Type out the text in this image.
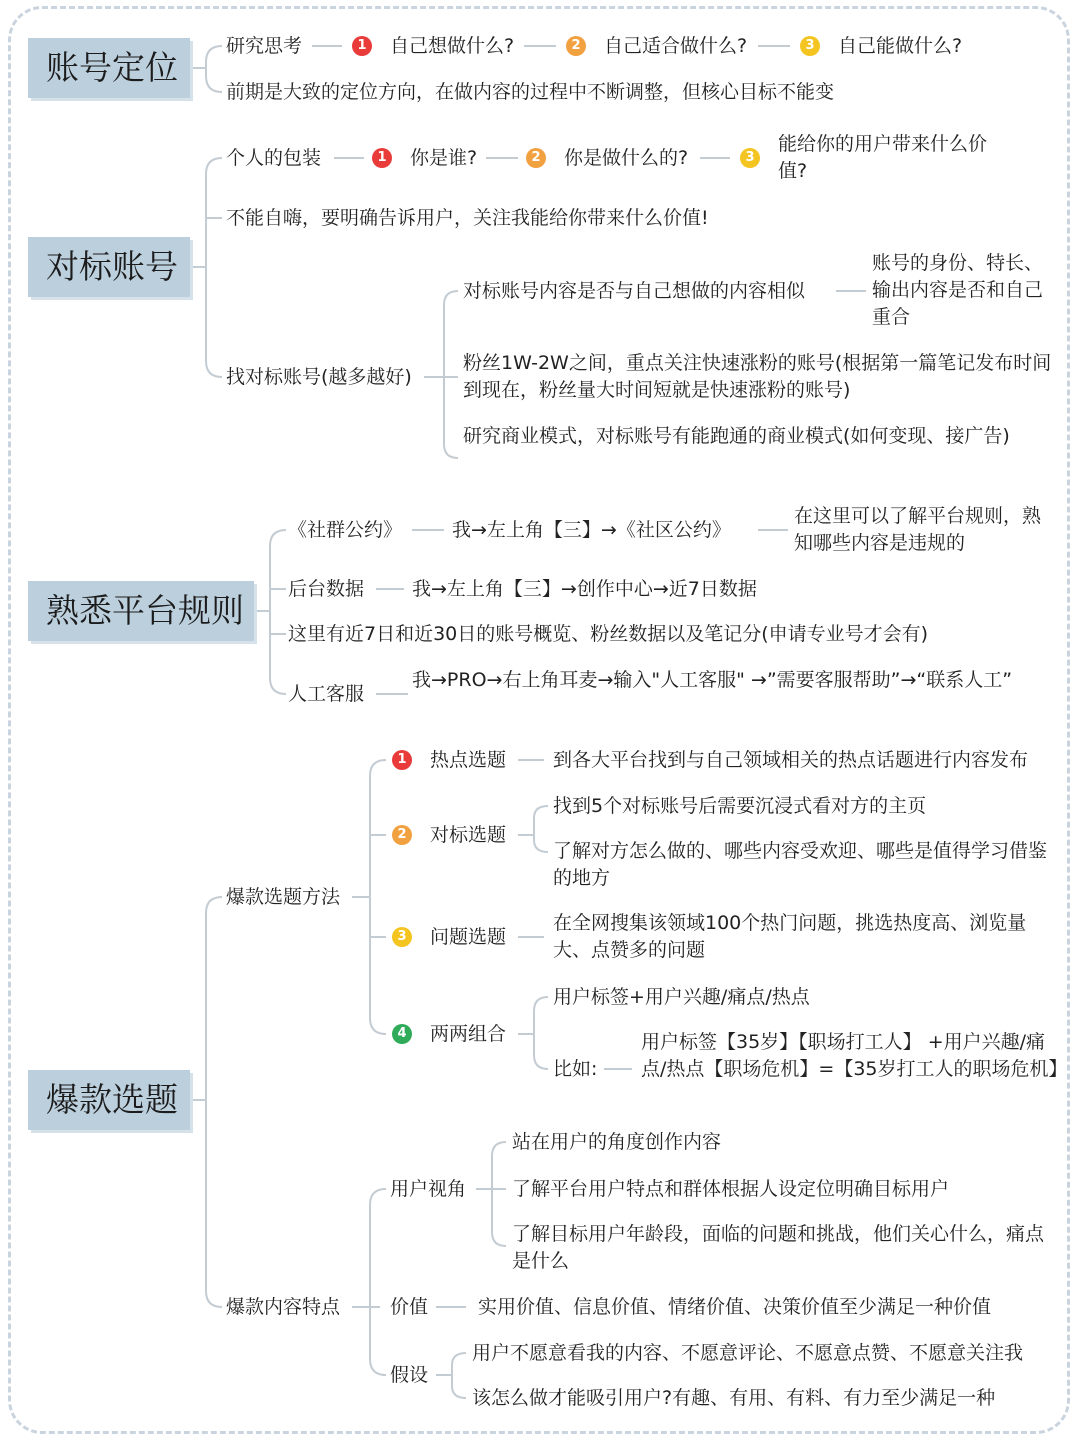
账号定位
研究思考	1 自己想做什么?	2 自己适合做什么?	3 自己能做什么?
前期是大致的定位方向，在做内容的过程中不断调整，但核心目标不能变
对标账号
个人的包装	1 你是谁?	2 你是做什么的?	3
能给你的用户带来什么价值?
不能自嗨，要明确告诉用户，关注我能给你带来什么价值!
找对标账号(越多越好)
对标账号内容是否与自己想做的内容相似
账号的身份、特长、输出内容是否和自己重合
粉丝1W-2W之间，重点关注快速涨粉的账号(根据第一篇笔记发布时间到现在，粉丝量大时间短就是快速涨粉的账号)
研究商业模式，对标账号有能跑通的商业模式(如何变现、接广告)
熟悉平台规则
《社群公约》	我→左上角【三】→《社区公约》
在这里可以了解平台规则，熟知哪些内容是违规的
后台数据	我→左上角【三】→创作中心→近7日数据
这里有近7日和近30日的账号概览、粉丝数据以及笔记分(申请专业号才会有)
人工客服
我→PRO→右上角耳麦→输入"人工客服" →”需要客服帮助”→“联系人工”
爆款选题
爆款选题方法
1 热点选题 到各大平台找到与自己领域相关的热点话题进行内容发布
2 对标选题
找到5个对标账号后需要沉浸式看对方的主页
了解对方怎么做的、哪些内容受欢迎、哪些是值得学习借鉴的地方
3 问题选题
在全网搜集该领域100个热门问题，挑选热度高、浏览量大、点赞多的问题
4 两两组合
用户标签+用户兴趣/痛点/热点
比如:
用户标签【35岁】【职场打工人】 +用户兴趣/痛点/热点【职场危机】=【35岁打工人的职场危机】
爆款内容特点
用户视角
站在用户的角度创作内容
了解平台用户特点和群体根据人设定位明确目标用户
了解目标用户年龄段，面临的问题和挑战，他们关心什么，痛点是什么
价值	实用价值、信息价值、情绪价值、决策价值至少满足一种价值
假设
用户不愿意看我的内容、不愿意评论、不愿意点赞、不愿意关注我
该怎么做才能吸引用户?有趣、有用、有料、有力至少满足一种
